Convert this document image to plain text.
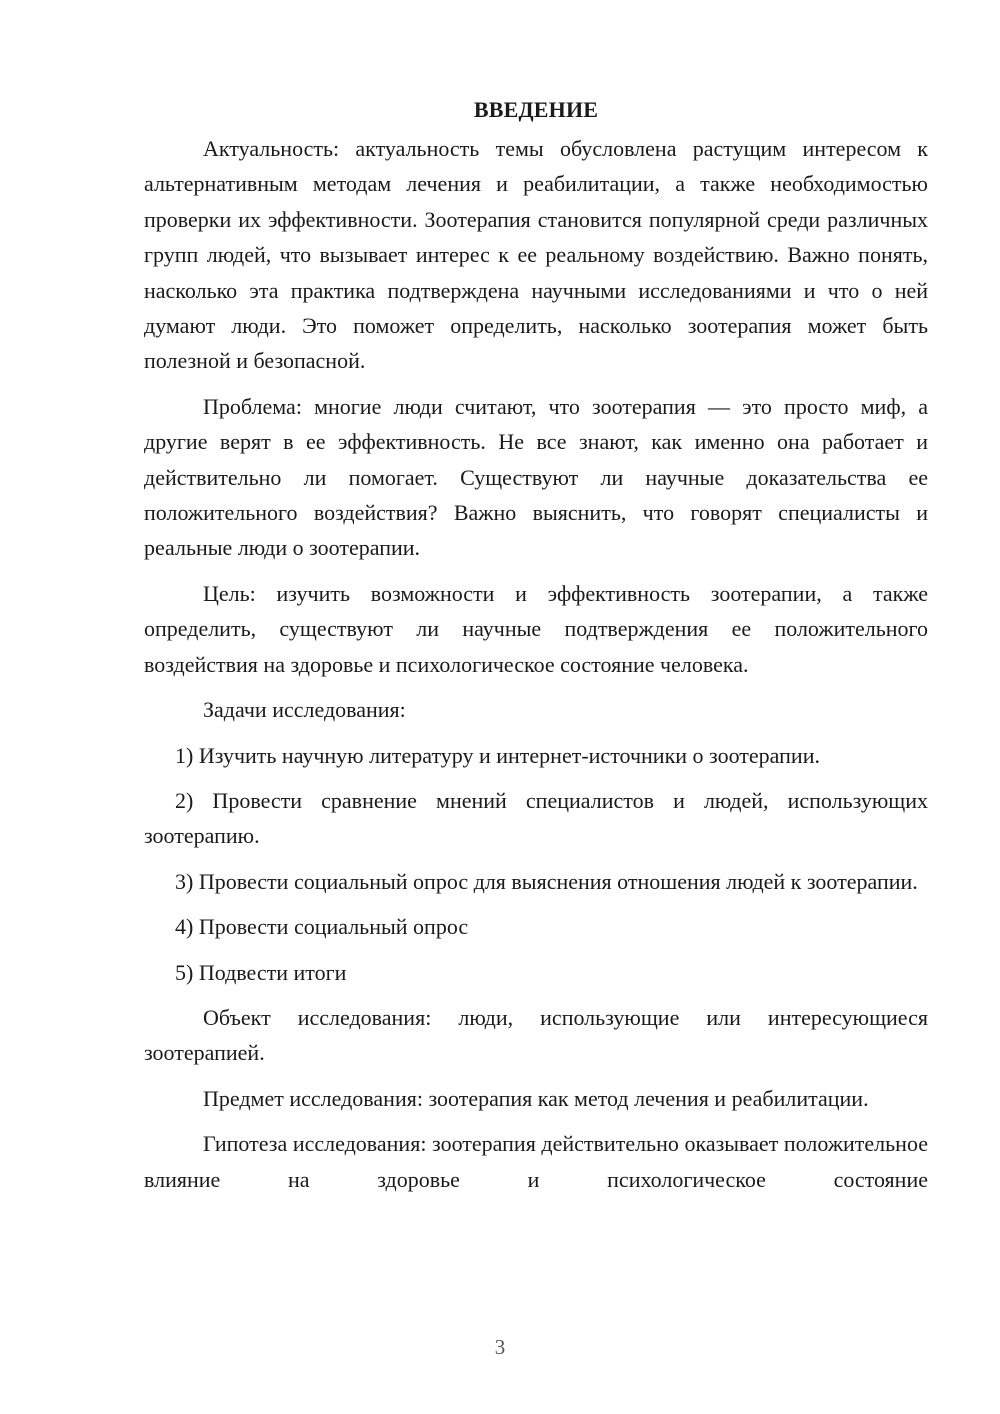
ВВЕДЕНИЕ

Актуальность: актуальность темы обусловлена растущим интересом к альтернативным методам лечения и реабилитации, а также необходимостью проверки их эффективности. Зоотерапия становится популярной среди различных групп людей, что вызывает интерес к ее реальному воздействию. Важно понять, насколько эта практика подтверждена научными исследованиями и что о ней думают люди. Это поможет определить, насколько зоотерапия может быть полезной и безопасной.

Проблема: многие люди считают, что зоотерапия — это просто миф, а другие верят в ее эффективность. Не все знают, как именно она работает и действительно ли помогает. Существуют ли научные доказательства ее положительного воздействия? Важно выяснить, что говорят специалисты и реальные люди о зоотерапии.

Цель: изучить возможности и эффективность зоотерапии, а также определить, существуют ли научные подтверждения ее положительного воздействия на здоровье и психологическое состояние человека.

Задачи исследования:

1) Изучить научную литературу и интернет-источники о зоотерапии.

2) Провести сравнение мнений специалистов и людей, использующих зоотерапию.

3) Провести социальный опрос для выяснения отношения людей к зоотерапии.

4) Провести социальный опрос

5) Подвести итоги

Объект исследования: люди, использующие или интересующиеся зоотерапией.

Предмет исследования: зоотерапия как метод лечения и реабилитации.

Гипотеза исследования: зоотерапия действительно оказывает положительное влияние на здоровье и психологическое состояние

3
